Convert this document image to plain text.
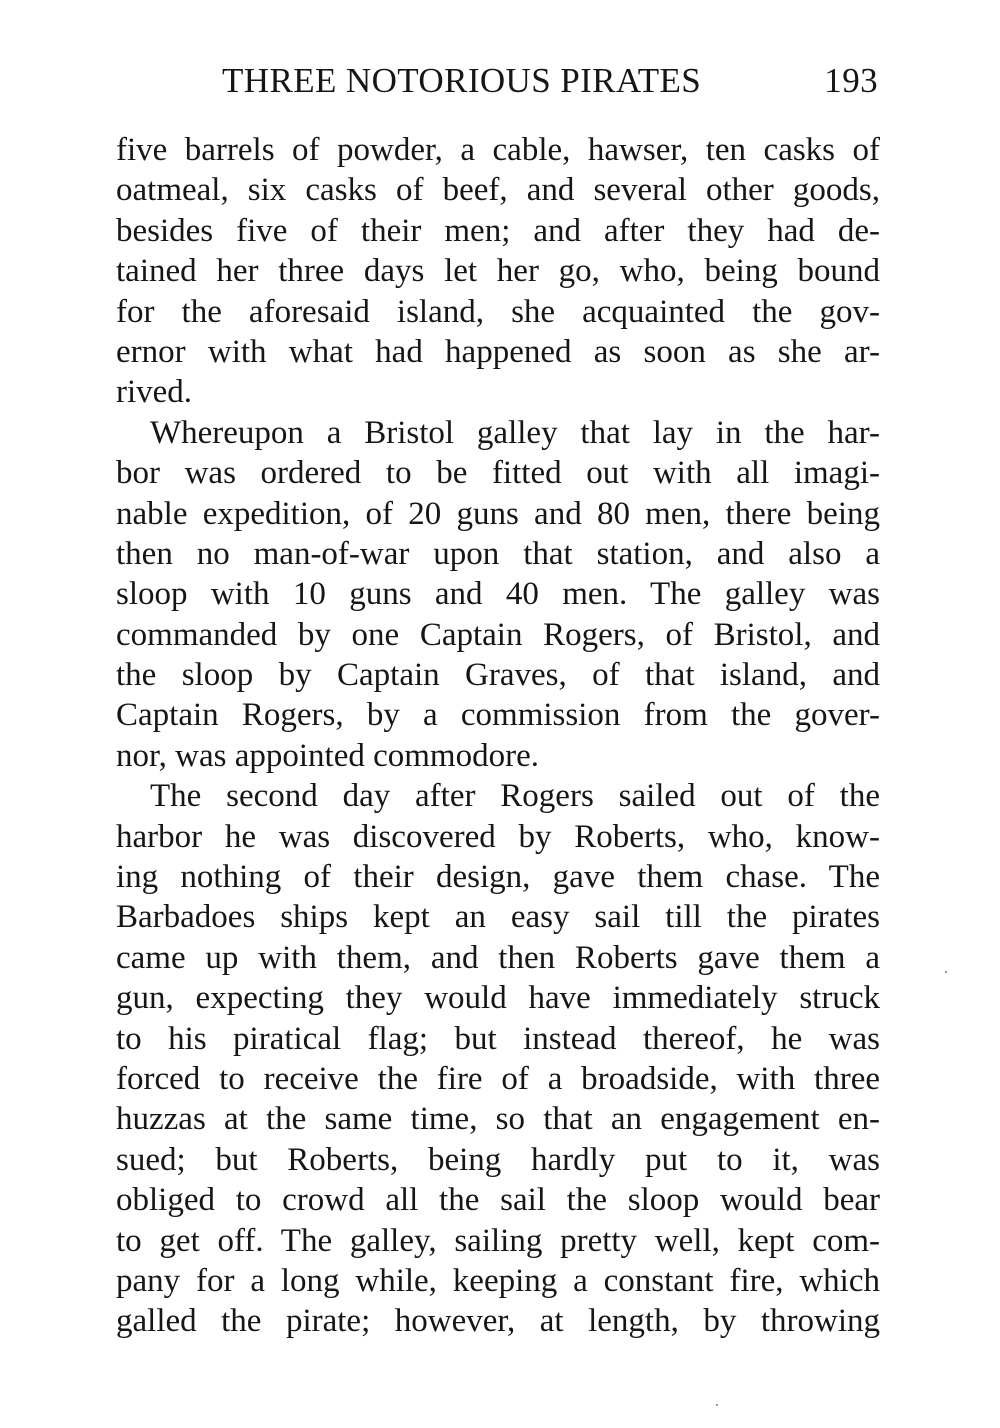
THREE NOTORIOUS PIRATES	193
five barrels of powder, a cable, hawser, ten casks of
oatmeal, six casks of beef, and several other goods,
besides five of their men; and after they had de-
tained her three days let her go, who, being bound
for the aforesaid island, she acquainted the gov-
ernor with what had happened as soon as she ar-
rived.
Whereupon a Bristol galley that lay in the har-
bor was ordered to be fitted out with all imagi-
nable expedition, of 20 guns and 80 men, there being
then no man-of-war upon that station, and also a
sloop with 10 guns and 40 men. The galley was
commanded by one Captain Rogers, of Bristol, and
the sloop by Captain Graves, of that island, and
Captain Rogers, by a commission from the gover-
nor, was appointed commodore.
The second day after Rogers sailed out of the
harbor he was discovered by Roberts, who, know-
ing nothing of their design, gave them chase. The
Barbadoes ships kept an easy sail till the pirates
came up with them, and then Roberts gave them a
gun, expecting they would have immediately struck
to his piratical flag; but instead thereof, he was
forced to receive the fire of a broadside, with three
huzzas at the same time, so that an engagement en-
sued; but Roberts, being hardly put to it, was
obliged to crowd all the sail the sloop would bear
to get off. The galley, sailing pretty well, kept com-
pany for a long while, keeping a constant fire, which
galled the pirate; however, at length, by throwing
